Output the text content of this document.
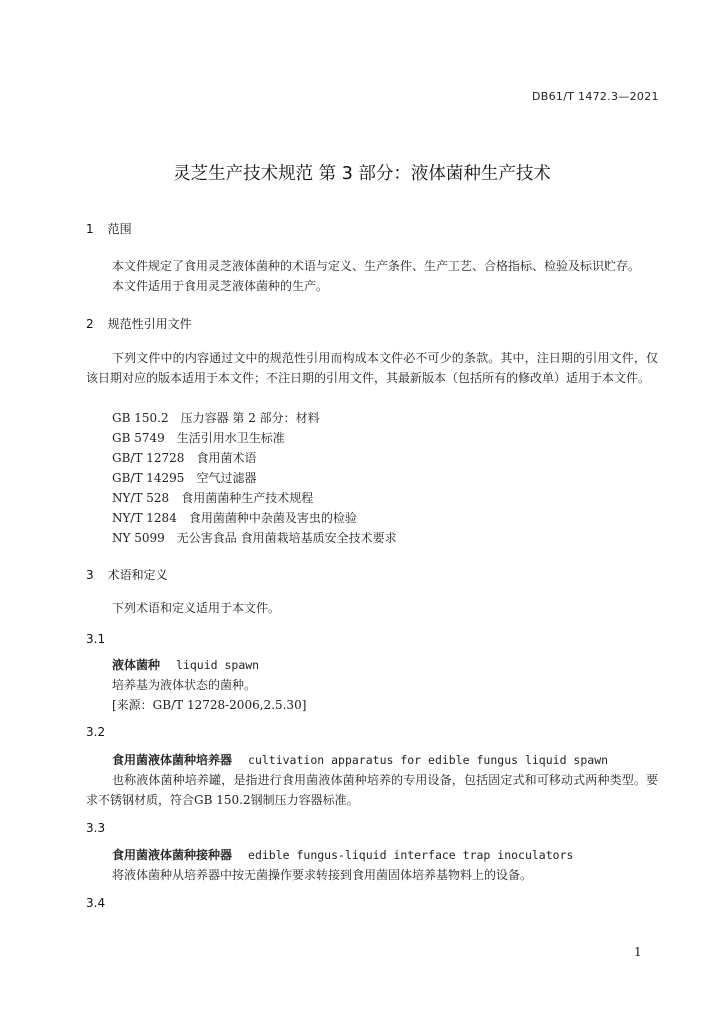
DB61/T 1472.3—2021
灵芝生产技术规范 第 3 部分：液体菌种生产技术
1 范围
本文件规定了食用灵芝液体菌种的术语与定义、生产条件、生产工艺、合格指标、检验及标识贮存。
本文件适用于食用灵芝液体菌种的生产。
2 规范性引用文件
下列文件中的内容通过文中的规范性引用而构成本文件必不可少的条款。其中，注日期的引用文件，仅该日期对应的版本适用于本文件；不注日期的引用文件，其最新版本（包括所有的修改单）适用于本文件。
GB 150.2 压力容器 第 2 部分：材料
GB 5749 生活引用水卫生标准
GB/T 12728 食用菌术语
GB/T 14295 空气过滤器
NY/T 528 食用菌菌种生产技术规程
NY/T 1284 食用菌菌种中杂菌及害虫的检验
NY 5099 无公害食品 食用菌栽培基质安全技术要求
3 术语和定义
下列术语和定义适用于本文件。
3.1
液体菌种 liquid spawn
培养基为液体状态的菌种。
[来源：GB/T 12728-2006,2.5.30]
3.2
食用菌液体菌种培养器 cultivation apparatus for edible fungus liquid spawn
也称液体菌种培养罐，是指进行食用菌液体菌种培养的专用设备，包括固定式和可移动式两种类型。要求不锈钢材质，符合GB 150.2钢制压力容器标准。
3.3
食用菌液体菌种接种器 edible fungus-liquid interface trap inoculators
将液体菌种从培养器中按无菌操作要求转接到食用菌固体培养基物料上的设备。
3.4
1
